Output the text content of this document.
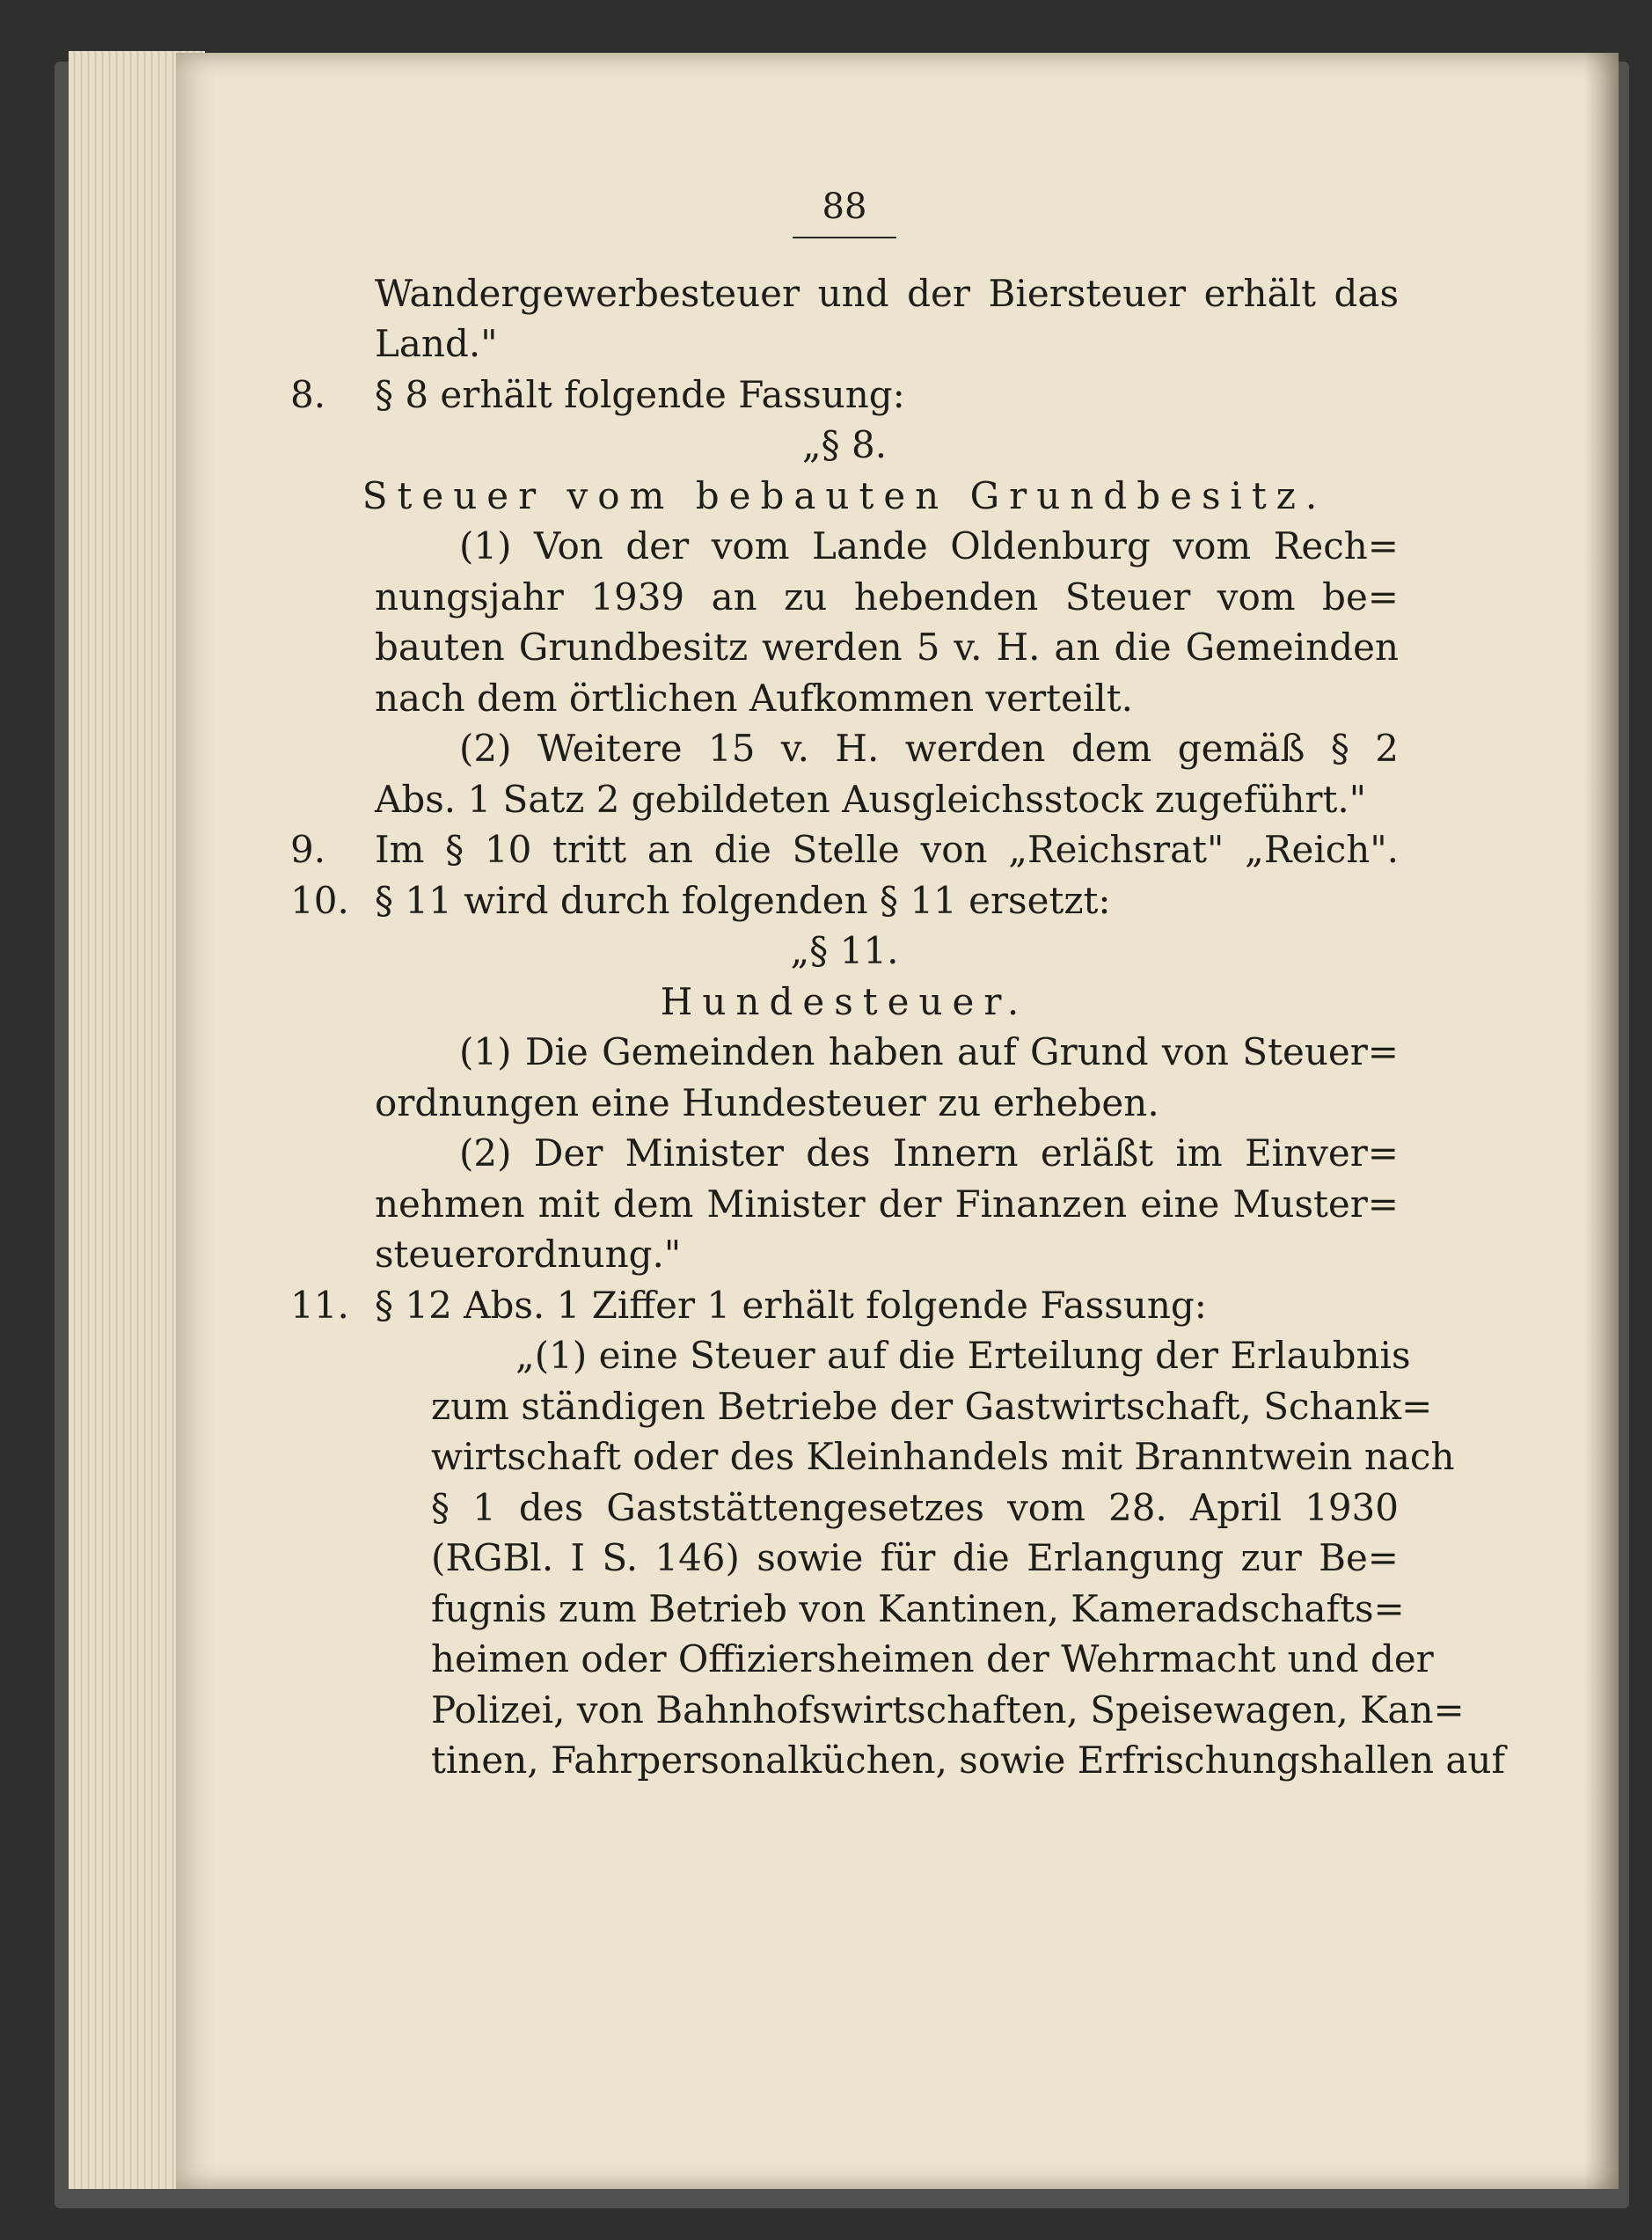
88
Wandergewerbesteuer und der Biersteuer erhält das
Land."
8. § 8 erhält folgende Fassung:
„§ 8.
Steuer vom bebauten Grundbesitz.
(1) Von der vom Lande Oldenburg vom Rech=
nungsjahr 1939 an zu hebenden Steuer vom be=
bauten Grundbesitz werden 5 v. H. an die Gemeinden
nach dem örtlichen Aufkommen verteilt.
(2) Weitere 15 v. H. werden dem gemäß § 2
Abs. 1 Satz 2 gebildeten Ausgleichsstock zugeführt."
9. Im § 10 tritt an die Stelle von „Reichsrat" „Reich".
10. § 11 wird durch folgenden § 11 ersetzt:
„§ 11.
Hundesteuer.
(1) Die Gemeinden haben auf Grund von Steuer=
ordnungen eine Hundesteuer zu erheben.
(2) Der Minister des Innern erläßt im Einver=
nehmen mit dem Minister der Finanzen eine Muster=
steuerordnung."
11. § 12 Abs. 1 Ziffer 1 erhält folgende Fassung:
„(1) eine Steuer auf die Erteilung der Erlaubnis
zum ständigen Betriebe der Gastwirtschaft, Schank=
wirtschaft oder des Kleinhandels mit Branntwein nach
§ 1 des Gaststättengesetzes vom 28. April 1930
(RGBl. I S. 146) sowie für die Erlangung zur Be=
fugnis zum Betrieb von Kantinen, Kameradschafts=
heimen oder Offiziersheimen der Wehrmacht und der
Polizei, von Bahnhofswirtschaften, Speisewagen, Kan=
tinen, Fahrpersonalküchen, sowie Erfrischungshallen auf
